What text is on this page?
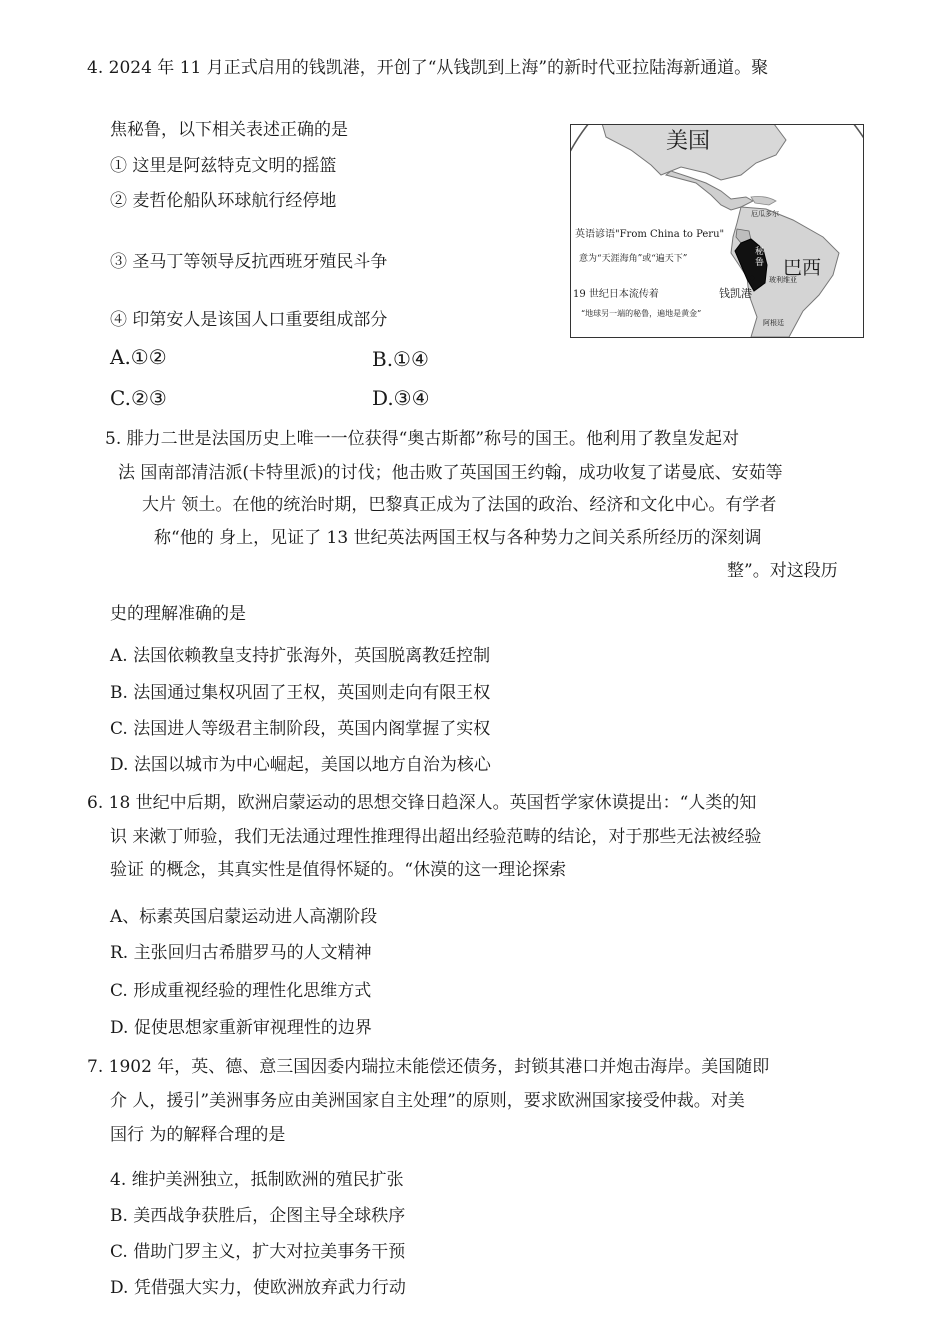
4. 2024 年 11 月正式启用的钱凯港，开创了“从钱凯到上海”的新时代亚拉陆海新通道。聚
焦秘鲁，以下相关表述正确的是
① 这里是阿兹特克文明的摇篮
② 麦哲伦船队环球航行经停地
③ 圣马丁等领导反抗西班牙殖民斗争
④ 印第安人是该国人口重要组成部分
A.①②	B.①④
C.②③	D.③④
美国
巴西
英语谚语"From China to Peru"
意为“天涯海角”或“遍天下”
19 世纪日本流传着
“地球另一端的秘鲁，遍地是黄金”
钱凯港
秘鲁
厄瓜多尔
玻利维亚
阿根廷
5. 腓力二世是法国历史上唯一一位获得“奥古斯都”称号的国王。他利用了教皇发起对
法 国南部清洁派(卡特里派)的讨伐；他击败了英国国王约翰，成功收复了诺曼底、安茹等
大片 领土。在他的统治时期，巴黎真正成为了法国的政治、经济和文化中心。有学者
称“他的 身上，见证了 13 世纪英法两国王权与各种势力之间关系所经历的深刻调
整”。对这段历
史的理解准确的是
A. 法国依赖教皇支持扩张海外，英国脱离教廷控制
B. 法国通过集权巩固了王权，英国则走向有限王权
C. 法国进人等级君主制阶段，英国内阁掌握了实权
D. 法国以城市为中心崛起，美国以地方自治为核心
6. 18 世纪中后期，欧洲启蒙运动的思想交锋日趋深人。英国哲学家休谟提出：“人类的知
识 来漱丁师验，我们无法通过理性推理得出超出经验范畴的结论，对于那些无法被经验
验证 的概念，其真实性是值得怀疑的。“休漠的这一理论探索
A、标素英国启蒙运动进人高潮阶段
R. 主张回归古希腊罗马的人文精神
C. 形成重视经验的理性化思维方式
D. 促使思想家重新审视理性的边界
7. 1902 年，英、德、意三国因委内瑞拉未能偿还债务，封锁其港口并炮击海岸。美国随即
介 人，援引”美洲事务应由美洲国家自主处理”的原则，要求欧洲国家接受仲裁。对美
国行 为的解释合理的是
4. 维护美洲独立，抵制欧洲的殖民扩张
B. 美西战争获胜后，企图主导全球秩序
C. 借助门罗主义，扩大对拉美事务干预
D. 凭借强大实力，使欧洲放弃武力行动
